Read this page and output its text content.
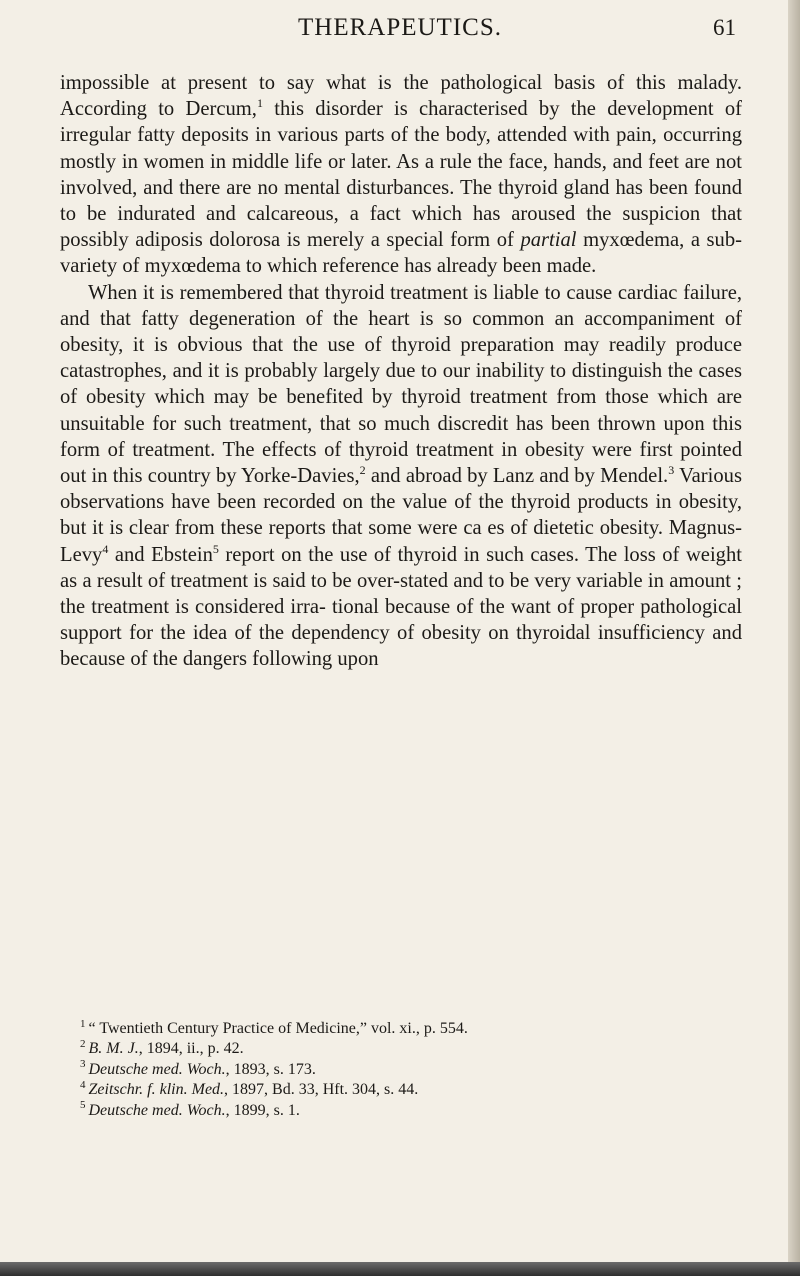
THERAPEUTICS.	61

impossible at present to say what is the pathological basis of this malady. According to Dercum,$^1$ this disorder is characterised by the development of irregular fatty deposits in various parts of the body, attended with pain, occurring mostly in women in middle life or later. As a rule the face, hands, and feet are not involved, and there are no mental disturbances. The thyroid gland has been found to be indurated and calcareous, a fact which has aroused the suspicion that possibly adiposis dolorosa is merely a special form of partial myxœdema, a sub-variety of myxœdema to which reference has already been made.

When it is remembered that thyroid treatment is liable to cause cardiac failure, and that fatty degeneration of the heart is so common an accompaniment of obesity, it is obvious that the use of thyroid preparation may readily produce catastrophes, and it is probably largely due to our inability to distinguish the cases of obesity which may be benefited by thyroid treatment from those which are unsuitable for such treatment, that so much discredit has been thrown upon this form of treatment. The effects of thyroid treatment in obesity were first pointed out in this country by Yorke-Davies,$^2$ and abroad by Lanz and by Mendel.$^3$ Various observations have been recorded on the value of the thyroid products in obesity, but it is clear from these reports that some were ca es of dietetic obesity. Magnus-Levy$^4$ and Ebstein$^5$ report on the use of thyroid in such cases. The loss of weight as a result of treatment is said to be over-stated and to be very variable in amount ; the treatment is considered irra- tional because of the want of proper pathological support for the idea of the dependency of obesity on thyroidal insufficiency and because of the dangers following upon

$^1$ “ Twentieth Century Practice of Medicine,” vol. xi., p. 554.

$^2$ B. M. J., 1894, ii., p. 42.

$^3$ Deutsche med. Woch., 1893, s. 173.

$^4$ Zeitschr. f. klin. Med., 1897, Bd. 33, Hft. 304, s. 44.

$^5$ Deutsche med. Woch., 1899, s. 1.
